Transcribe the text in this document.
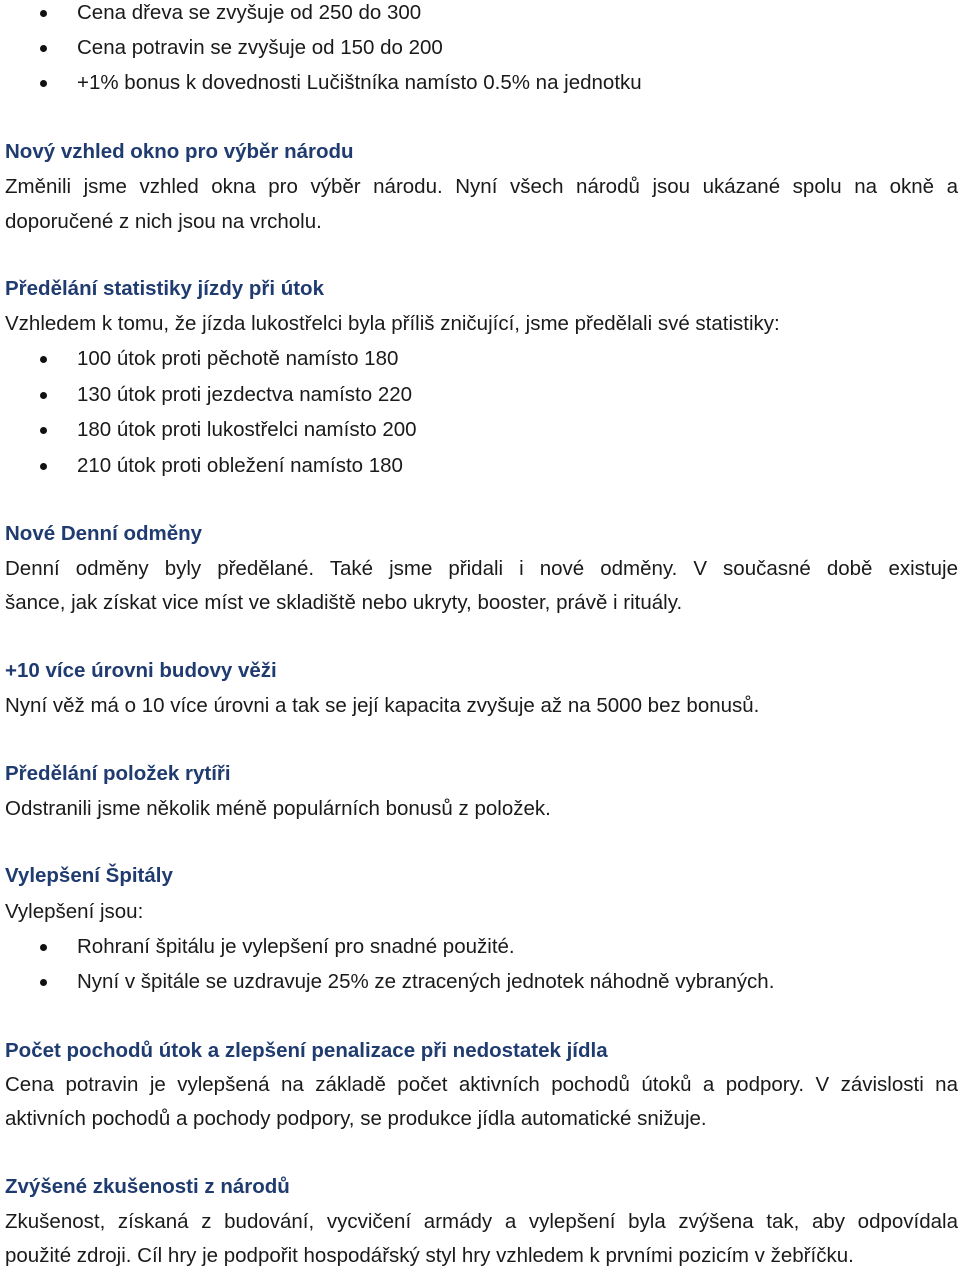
Cena dřeva se zvyšuje od 250 do 300
Cena potravin se zvyšuje od 150 do 200
+1% bonus k dovednosti Lučištníka namísto 0.5% na jednotku
Nový vzhled okno pro výběr národu
Změnili jsme vzhled okna pro výběr národu. Nyní všech národů jsou ukázané spolu na okně a
doporučené z nich jsou na vrcholu.
Předělání statistiky jízdy při útok
Vzhledem k tomu, že jízda lukostřelci byla příliš zničující, jsme předělali své statistiky:
100 útok proti pěchotě namísto 180
130 útok proti jezdectva namísto 220
180 útok proti lukostřelci namísto 200
210 útok proti obležení namísto 180
Nové Denní odměny
Denní odměny byly předělané. Také jsme přidali i nové odměny. V současné době existuje
šance, jak získat vice míst ve skladiště nebo ukryty, booster, právě i rituály.
+10 více úrovni budovy věži
Nyní věž má o 10 více úrovni a tak se její kapacita zvyšuje až na 5000 bez bonusů.
Předělání položek rytíři
Odstranili jsme několik méně populárních bonusů z položek.
Vylepšení Špitály
Vylepšení jsou:
Rohraní špitálu je vylepšení pro snadné použité.
Nyní v špitále se uzdravuje 25% ze ztracených jednotek náhodně vybraných.
Počet pochodů útok a zlepšení penalizace při nedostatek jídla
Cena potravin je vylepšená na základě počet aktivních pochodů útoků a podpory. V závislosti na
aktivních pochodů a pochody podpory, se produkce jídla automatické snižuje.
Zvýšené zkušenosti z národů
Zkušenost, získaná z budování, vycvičení armády a vylepšení byla zvýšena tak, aby odpovídala
použité zdroji. Cíl hry je podpořit hospodářský styl hry vzhledem k prvními pozicím v žebříčku.
